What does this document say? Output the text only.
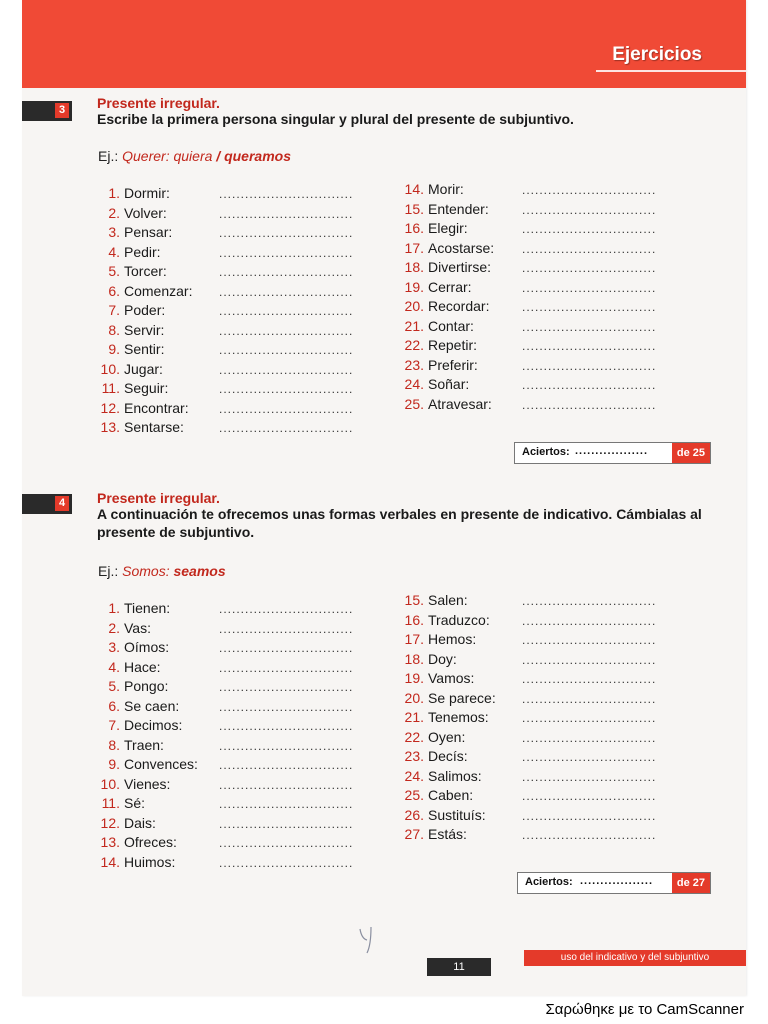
Ejercicios
3 Presente irregular.
Escribe la primera persona singular y plural del presente de subjuntivo.
Ej.: Querer: quiera / queramos
1. Dormir:	...............................
2. Volver:	...............................
3. Pensar:	...............................
4. Pedir:	...............................
5. Torcer:	...............................
6. Comenzar: ...............................
7. Poder:	...............................
8. Servir:	...............................
9. Sentir:	...............................
10. Jugar:	...............................
11. Seguir:	...............................
12. Encontrar:	...............................
13. Sentarse:	...............................
14. Morir:	...............................
15. Entender:	...............................
16. Elegir:	...............................
17. Acostarse: ...............................
18. Divertirse:	...............................
19. Cerrar:	...............................
20. Recordar:	...............................
21. Contar:	...............................
22. Repetir:	...............................
23. Preferir:	...............................
24. Soñar:	...............................
25. Atravesar:	...............................
Aciertos: ..................	de 25
4 Presente irregular.
A continuación te ofrecemos unas formas verbales en presente de indicativo. Cámbialas al presente de subjuntivo.
Ej.: Somos: seamos
1. Tienen:	...............................
2. Vas:	...............................
3. Oímos:	...............................
4. Hace:	...............................
5. Pongo:	...............................
6. Se caen:	...............................
7. Decimos:	...............................
8. Traen:	...............................
9. Convences: ...............................
10. Vienes:	...............................
11. Sé:	...............................
12. Dais:	...............................
13. Ofreces:	...............................
14. Huimos:	...............................
15. Salen:	...............................
16. Traduzco:	...............................
17. Hemos:	...............................
18. Doy:	...............................
19. Vamos:	...............................
20. Se parece: ...............................
21. Tenemos:	...............................
22. Oyen:	...............................
23. Decís:	...............................
24. Salimos:	...............................
25. Caben:	...............................
26. Sustituís:	...............................
27. Estás:	...............................
Aciertos: ..................	de 27
uso del indicativo y del subjuntivo
11
Σαρώθηκε με το CamScanner
